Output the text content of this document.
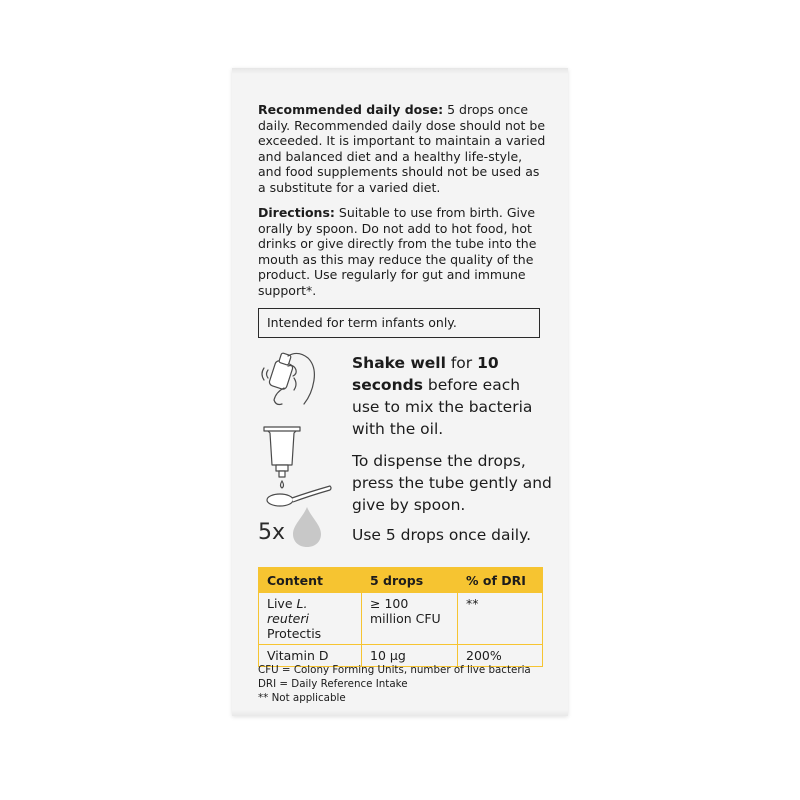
Recommended daily dose: 5 drops once daily. Recommended daily dose should not be exceeded. It is important to maintain a varied and balanced diet and a healthy life-style, and food supplements should not be used as a substitute for a varied diet.

Directions: Suitable to use from birth. Give orally by spoon. Do not add to hot food, hot drinks or give directly from the tube into the mouth as this may reduce the quality of the product. Use regularly for gut and immune support*.

Intended for term infants only.

Shake well for 10 seconds before each use to mix the bacteria with the oil.

To dispense the drops, press the tube gently and give by spoon.

5x	Use 5 drops once daily.

Content	5 drops	% of DRI
Live L. reuteri
Protectis	≥ 100 million CFU	**
Vitamin D	10 µg	200%

CFU = Colony Forming Units, number of live bacteria

DRI = Daily Reference Intake

** Not applicable
